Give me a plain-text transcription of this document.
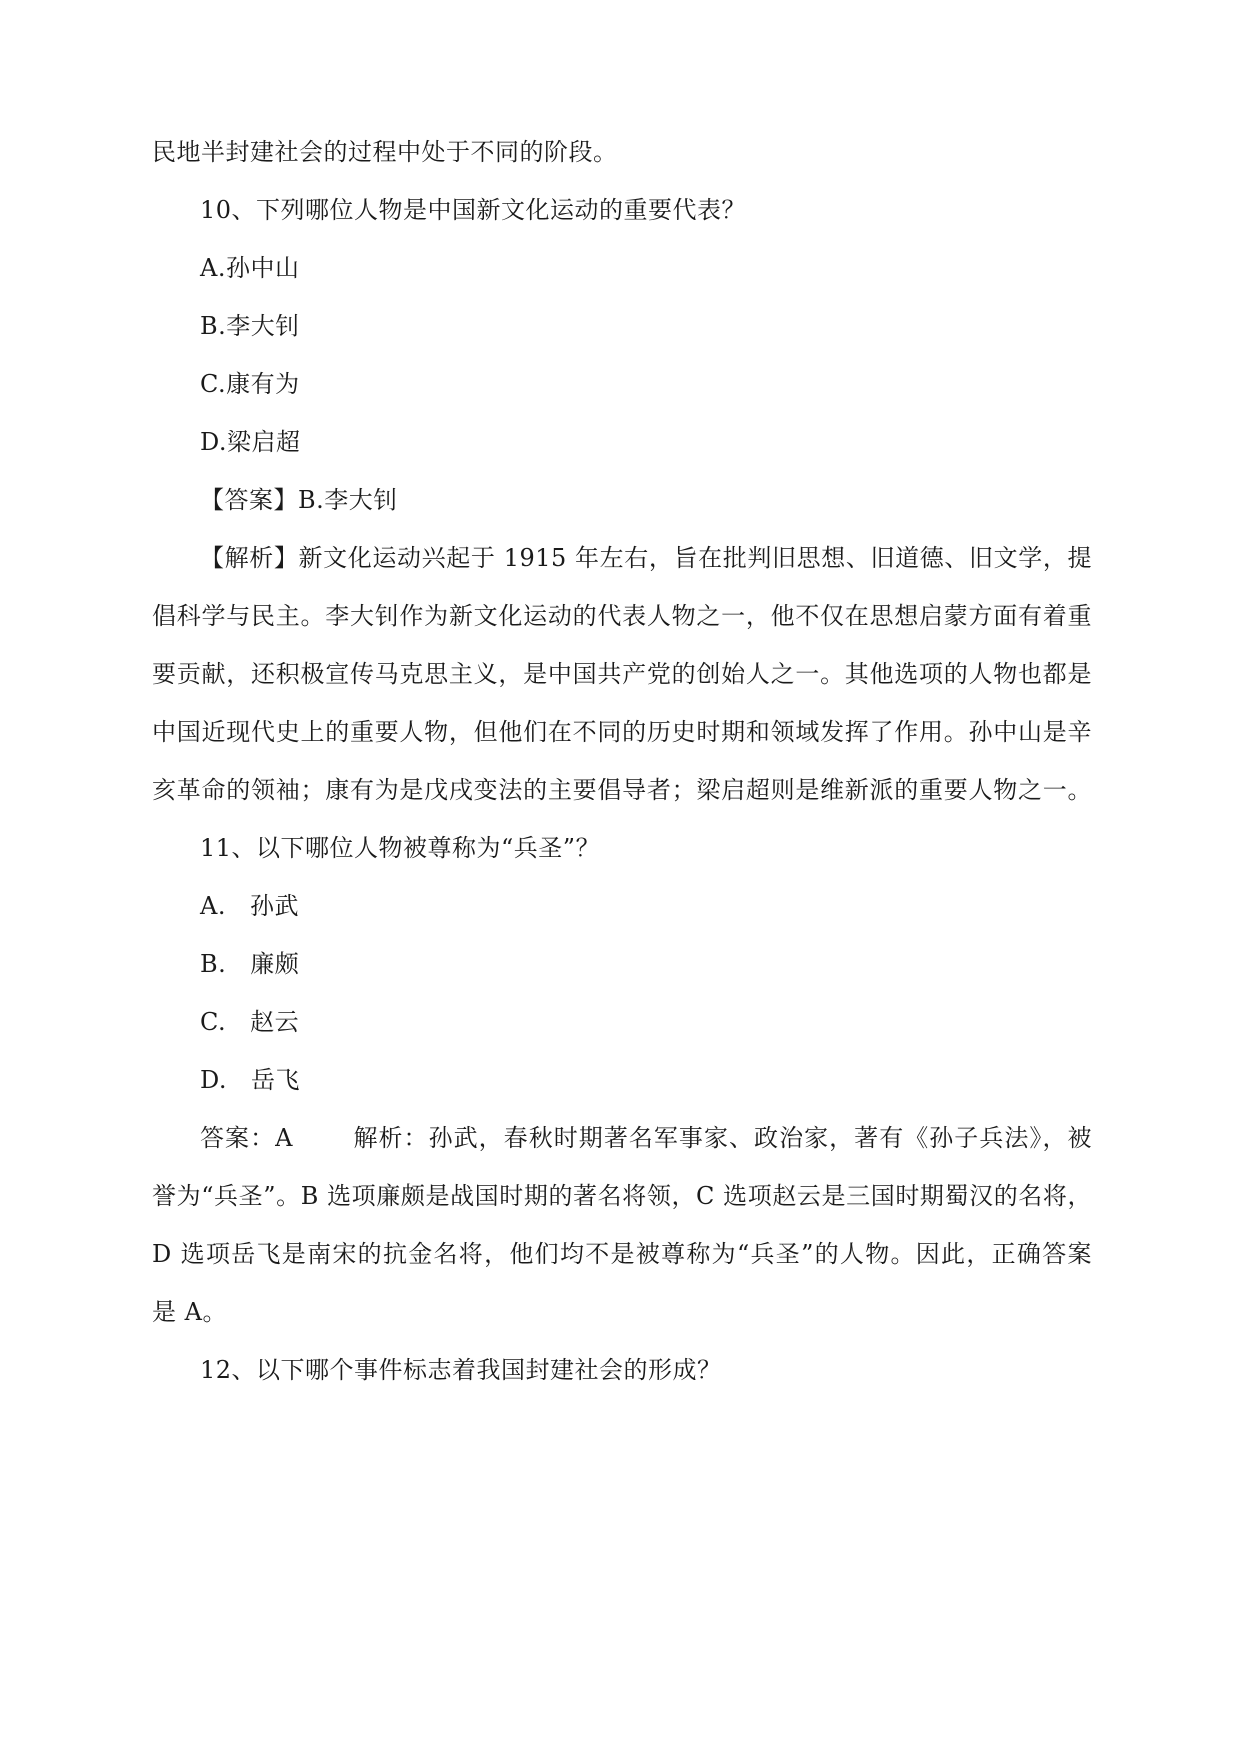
民地半封建社会的过程中处于不同的阶段。
10、下列哪位人物是中国新文化运动的重要代表？
A.孙中山
B.李大钊
C.康有为
D.梁启超
【答案】B.李大钊
【解析】新文化运动兴起于 1915 年左右，旨在批判旧思想、旧道德、旧文学，提
倡科学与民主。李大钊作为新文化运动的代表人物之一，他不仅在思想启蒙方面有着重
要贡献，还积极宣传马克思主义，是中国共产党的创始人之一。其他选项的人物也都是
中国近现代史上的重要人物，但他们在不同的历史时期和领域发挥了作用。孙中山是辛
亥革命的领袖；康有为是戊戌变法的主要倡导者；梁启超则是维新派的重要人物之一。
11、以下哪位人物被尊称为“兵圣”？
A. 孙武
B. 廉颇
C. 赵云
D. 岳飞
答案：A	解析：孙武，春秋时期著名军事家、政治家，著有《孙子兵法》，被
誉为“兵圣”。B 选项廉颇是战国时期的著名将领，C 选项赵云是三国时期蜀汉的名将，
D 选项岳飞是南宋的抗金名将，他们均不是被尊称为“兵圣”的人物。因此，正确答案
是 A。
12、以下哪个事件标志着我国封建社会的形成？
